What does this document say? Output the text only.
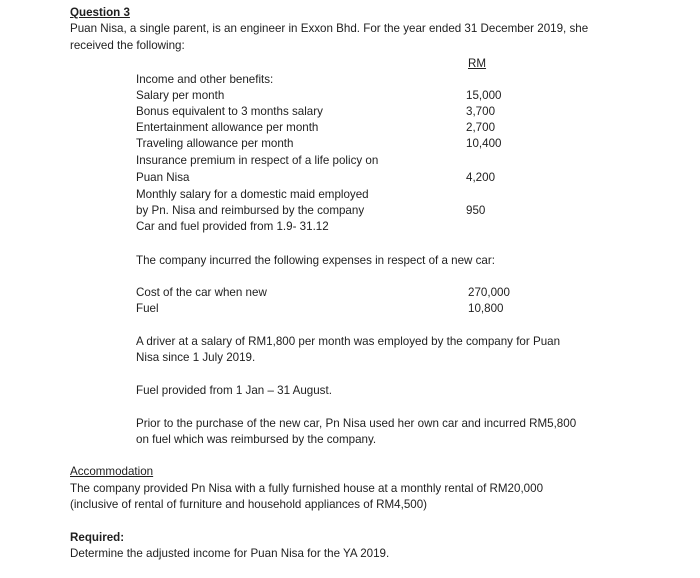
Question 3
Puan Nisa, a single parent, is an engineer in Exxon Bhd. For the year ended 31 December 2019, she
received the following:
RM
Income and other benefits:
Salary per month	15,000
Bonus equivalent to 3 months salary	3,700
Entertainment allowance per month	2,700
Traveling allowance per month	10,400
Insurance premium in respect of a life policy on
Puan Nisa	4,200
Monthly salary for a domestic maid employed
by Pn. Nisa and reimbursed by the company	950
Car and fuel provided from 1.9- 31.12
The company incurred the following expenses in respect of a new car:
Cost of the car when new	270,000
Fuel	10,800
A driver at a salary of RM1,800 per month was employed by the company for Puan
Nisa since 1 July 2019.
Fuel provided from 1 Jan – 31 August.
Prior to the purchase of the new car, Pn Nisa used her own car and incurred RM5,800
on fuel which was reimbursed by the company.
Accommodation
The company provided Pn Nisa with a fully furnished house at a monthly rental of RM20,000
(inclusive of rental of furniture and household appliances of RM4,500)
Required:
Determine the adjusted income for Puan Nisa for the YA 2019.
